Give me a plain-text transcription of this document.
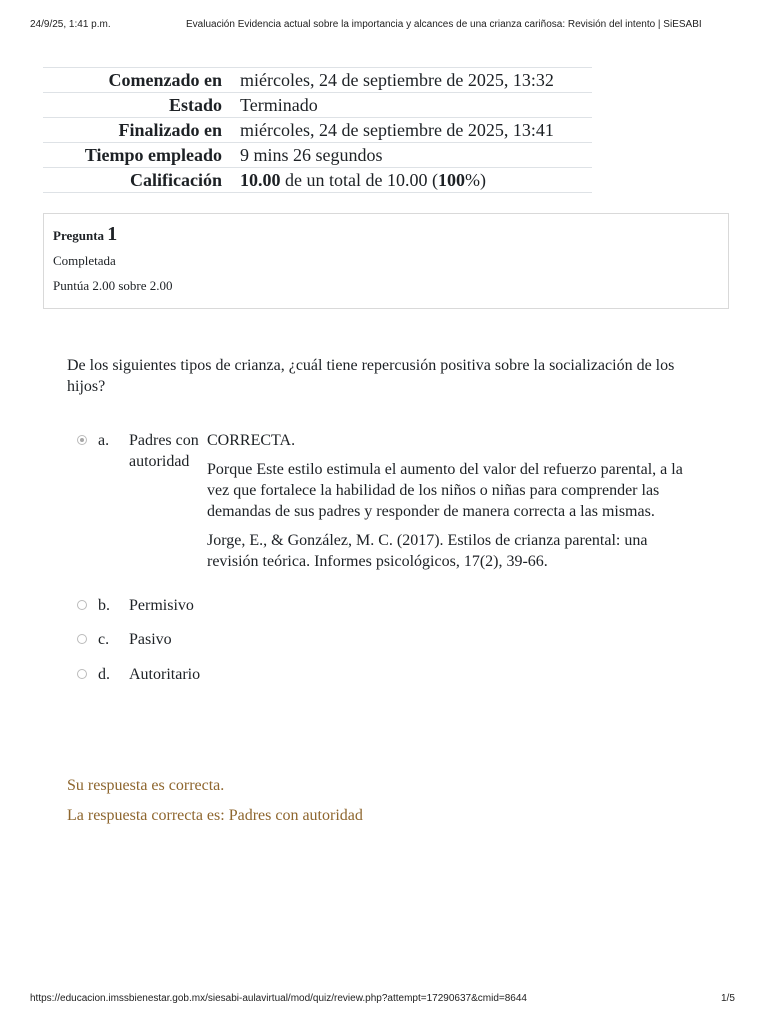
24/9/25, 1:41 p.m.	Evaluación Evidencia actual sobre la importancia y alcances de una crianza cariñosa: Revisión del intento | SiESABI
Comenzado en	miércoles, 24 de septiembre de 2025, 13:32
Estado	Terminado
Finalizado en	miércoles, 24 de septiembre de 2025, 13:41
Tiempo empleado	9 mins 26 segundos
Calificación	10.00 de un total de 10.00 (100%)
Pregunta 1
Completada
Puntúa 2.00 sobre 2.00
De los siguientes tipos de crianza, ¿cuál tiene repercusión positiva sobre la socialización de los hijos?
a.	Padres con autoridad

CORRECTA.

Porque Este estilo estimula el aumento del valor del refuerzo parental, a la vez que fortalece la habilidad de los niños o niñas para comprender las demandas de sus padres y responder de manera correcta a las mismas.

Jorge, E., & González, M. C. (2017). Estilos de crianza parental: una revisión teórica. Informes psicológicos, 17(2), 39-66.

b.	Permisivo
c.	Pasivo
d.	Autoritario
Su respuesta es correcta.
La respuesta correcta es: Padres con autoridad
https://educacion.imssbienestar.gob.mx/siesabi-aulavirtual/mod/quiz/review.php?attempt=17290637&cmid=8644	1/5
